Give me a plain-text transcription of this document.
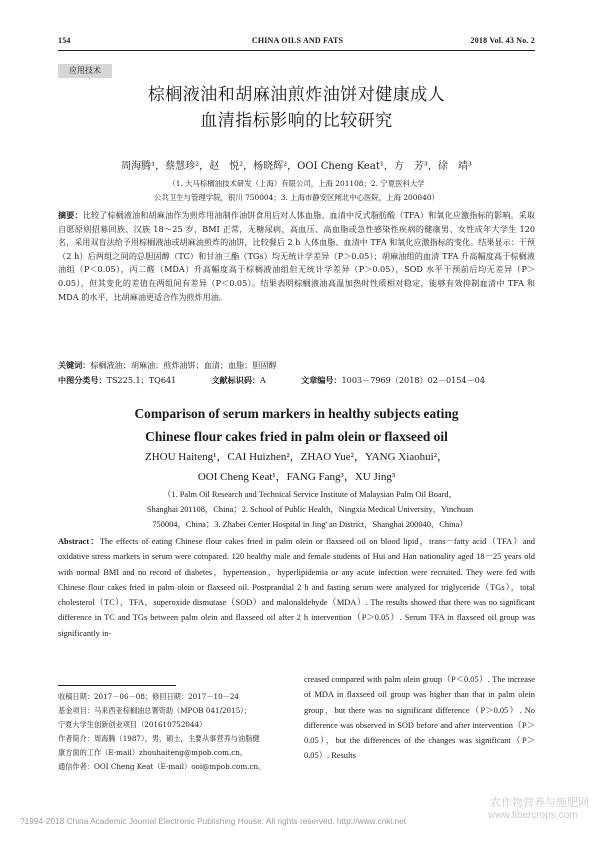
154	CHINA OILS AND FATS	2018 Vol. 43 No. 2
应用技术
棕榈液油和胡麻油煎炸油饼对健康成人
血清指标影响的比较研究
周海腾¹，蔡慧珍²，赵　悦²，杨晓辉²，OOI Cheng Keat¹，方　芳³，徐　靖³
（1. 大马棕榈油技术研发（上海）有限公司，上海 201108；2. 宁夏医科大学
公共卫生与管理学院，银川 750004；3. 上海市静安区闸北中心医院，上海 200040）
摘要：比较了棕榈液油和胡麻油作为煎炸用油制作油饼食用后对人体血脂、血清中反式脂肪酸（TFA）和氧化应激指标的影响。采取自愿原则招募回族、汉族 18～25 岁，BMI 正常，无糖尿病、高血压、高血脂或急性感染性疾病的健康男、女性成年大学生 120 名，采用双盲法给予用棕榈液油或胡麻油煎炸的油饼，比较餐后 2 h 人体血脂、血清中 TFA 和氧化应激指标的变化。结果显示：干预（2 h）后两组之间的总胆固醇（TC）和甘油三酯（TGs）均无统计学差异（P＞0.05）；胡麻油组的血清 TFA 升高幅度高于棕榈液油组（P＜0.05），丙二醛（MDA）升高幅度高于棕榈液油组但无统计学差异（P＞0.05），SOD 水平干预前后均无差异（P＞0.05），但其变化的差值在两组间有差异（P＜0.05）。结果表明棕榈液油高温加热时性质相对稳定，能够有效抑制血清中 TFA 和 MDA 的水平，比胡麻油更适合作为煎炸用油。
关键词：棕榈液油；胡麻油；煎炸油饼；血清；血脂；胆固醇
中图分类号：TS225.1；TQ641	文献标识码：A	文章编号：1003－7969（2018）02－0154－04
Comparison of serum markers in healthy subjects eating
Chinese flour cakes fried in palm olein or flaxseed oil
ZHOU Haiteng¹，CAI Huizhen²，ZHAO Yue²，YANG Xiaohui²，
OOI Cheng Keat¹，FANG Fang³，XU Jing³
（1. Palm Oil Research and Technical Service Institute of Malaysian Palm Oil Board，
Shanghai 201108，China；2. School of Public Health，Ningxia Medical University，Yinchuan
750004，China；3. Zhabei Center Hospital in Jing' an District，Shanghai 200040，China）
Abstract：The effects of eating Chinese flour cakes fried in palm olein or flaxseed oil on blood lipid，trans－fatty acid（TFA）and oxidative stress markers in serum were compared. 120 healthy male and female students of Hui and Han nationality aged 18－25 years old with normal BMI and no record of diabetes，hypertension，hyperlipidemia or any acute infection were recruited. They were fed with Chinese flour cakes fried in palm olein or flaxseed oil. Postprandial 2 h and fasting serum were analyzed for triglyceride（TGs），total cholesterol（TC），TFA，superoxide dismutase（SOD）and malonaldehyde（MDA）. The results showed that there was no significant difference in TC and TGs between palm olein and flaxseed oil after 2 h intervention（P＞0.05）. Serum TFA in flaxseed oil group was significantly in-
creased compared with palm olein group（P＜0.05）. The increase of MDA in flaxseed oil group was higher than that in palm olein group，but there was no significant difference（P＞0.05）. No difference was observed in SOD before and after intervention（P＞0.05），but the differences of the changes was significant（P＞0.05）. Results
收稿日期：2017－06－08；修回日期：2017－10－24
基金项目：马来西亚棕榈油总署资助（MPOB 041/2015）；
宁夏大学生创新创业项目（201610752044）
作者简介：周海腾（1987），男，硕士，主要从事营养与油脂健
康方面的工作（E-mail）zhouhaiteng@mpob.com.cn。
通信作者：OOI Cheng Keat（E-mail）ooi@mpob.com.cn。
农作物营养与施肥网
www.fibercrops.com
?1994-2018 China Academic Journal Electronic Publishing House. All rights reserved. http://www.cnki.net
